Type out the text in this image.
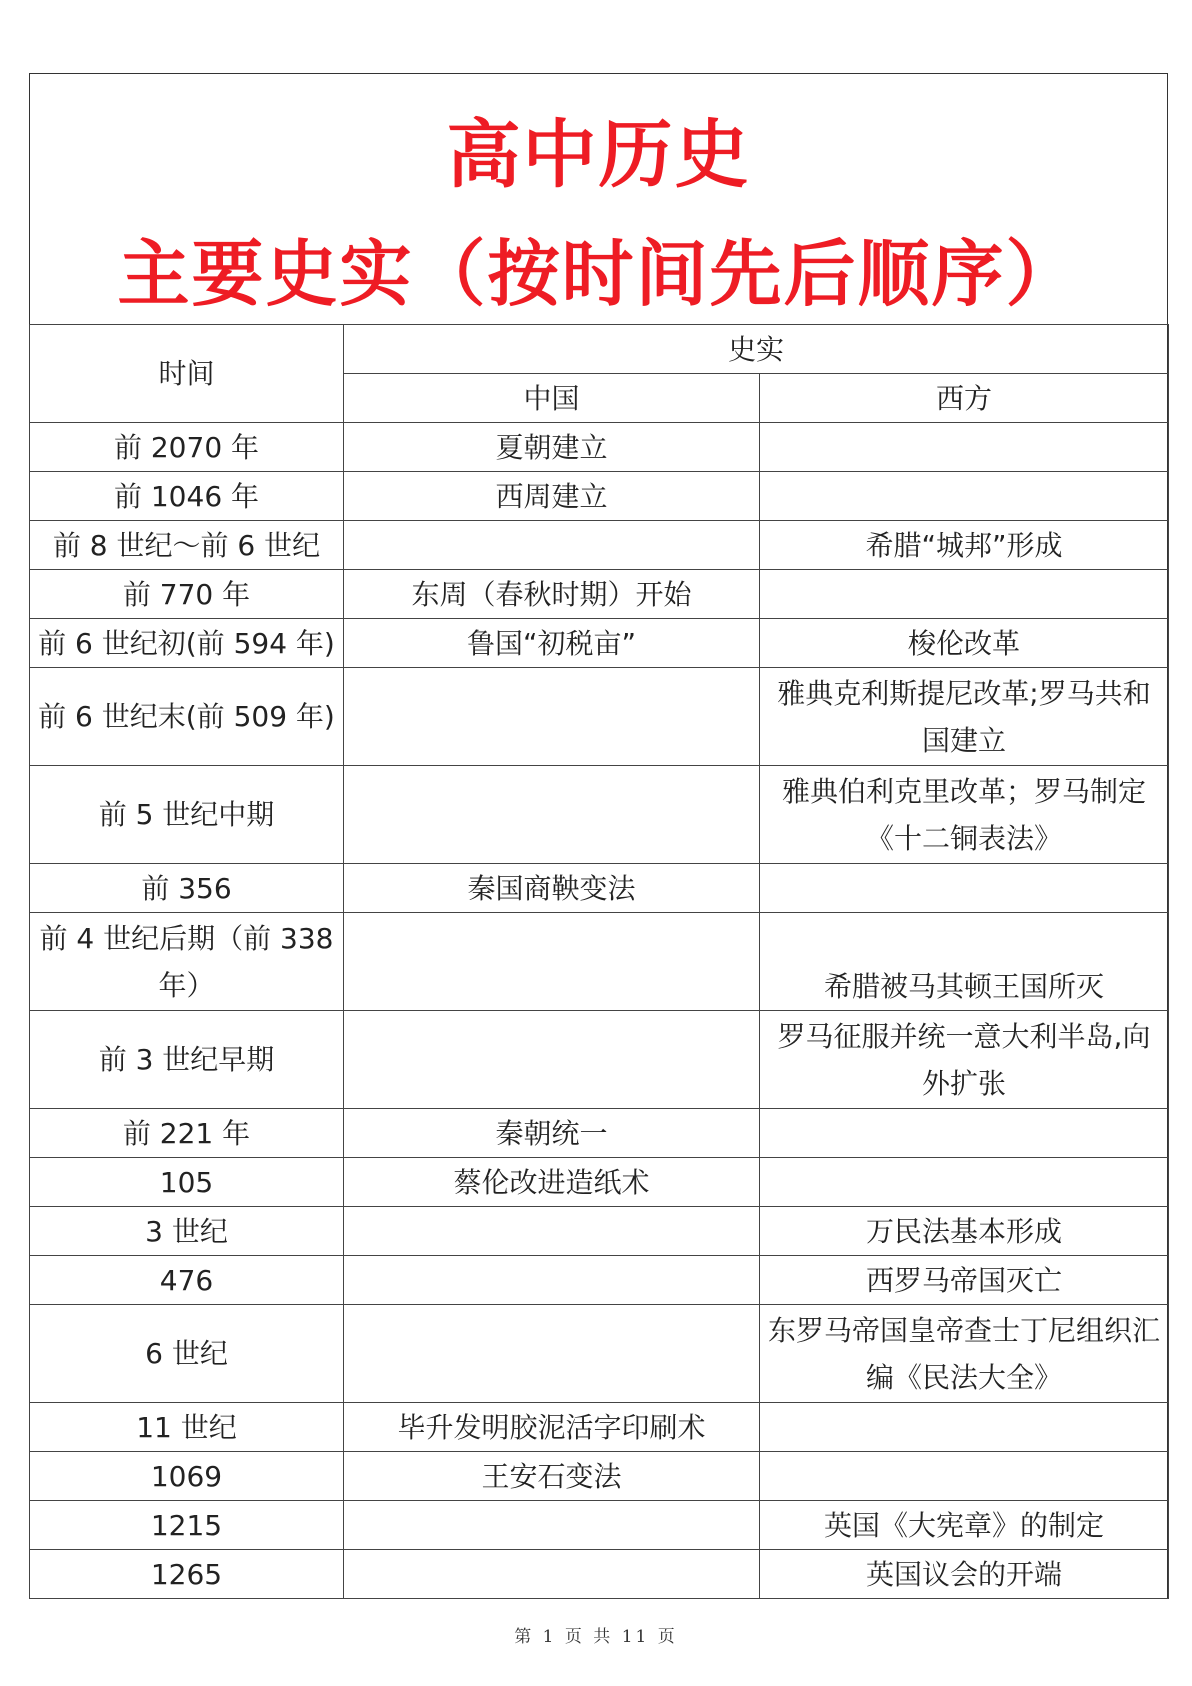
高中历史
主要史实（按时间先后顺序）
时间	史实	
	中国	西方
前 2070 年	夏朝建立	
前 1046 年	西周建立	
前 8 世纪～前 6 世纪		希腊“城邦”形成
前 770 年	东周（春秋时期）开始	
前 6 世纪初(前 594 年)	鲁国“初税亩”	梭伦改革
前 6 世纪末(前 509 年)		雅典克利斯提尼改革;罗马共和国建立
前 5 世纪中期		雅典伯利克里改革；罗马制定《十二铜表法》
前 356	秦国商鞅变法	
前 4 世纪后期（前 338 年）		希腊被马其顿王国所灭
前 3 世纪早期		罗马征服并统一意大利半岛,向外扩张
前 221 年	秦朝统一	
105	蔡伦改进造纸术	
3 世纪		万民法基本形成
476		西罗马帝国灭亡
6 世纪		东罗马帝国皇帝查士丁尼组织汇编《民法大全》
11 世纪	毕升发明胶泥活字印刷术	
1069	王安石变法	
1215		英国《大宪章》的制定
1265		英国议会的开端
第 1 页 共 11 页
